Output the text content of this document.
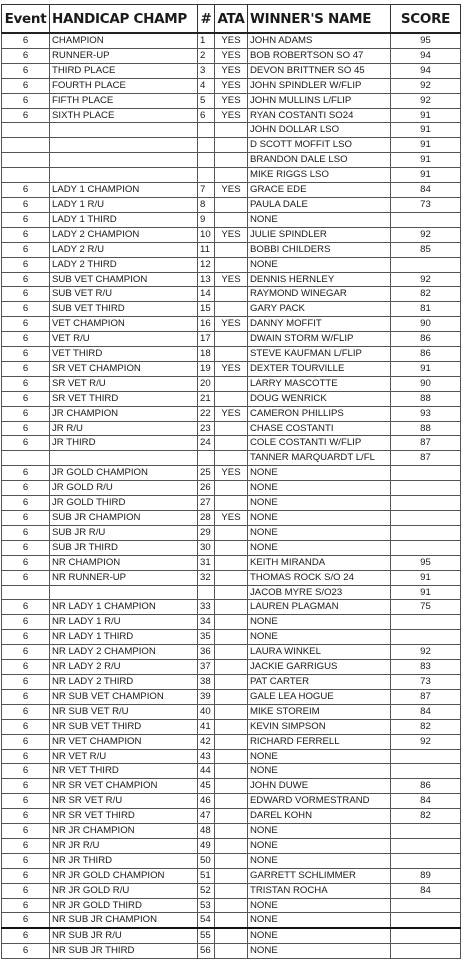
Event	HANDICAP CHAMP	#	ATA	WINNER'S NAME	SCORE
6	CHAMPION	1	YES	JOHN ADAMS	95
6	RUNNER-UP	2	YES	BOB ROBERTSON SO 47	94
6	THIRD PLACE	3	YES	DEVON BRITTNER SO 45	94
6	FOURTH PLACE	4	YES	JOHN SPINDLER W/FLIP	92
6	FIFTH PLACE	5	YES	JOHN MULLINS L/FLIP	92
6	SIXTH PLACE	6	YES	RYAN COSTANTI SO24	91
				JOHN DOLLAR LSO	91
				D SCOTT MOFFIT LSO	91
				BRANDON DALE LSO	91
				MIKE RIGGS LSO	91
6	LADY 1 CHAMPION	7	YES	GRACE EDE	84
6	LADY 1 R/U	8		PAULA DALE	73
6	LADY 1 THIRD	9		NONE	
6	LADY 2 CHAMPION	10	YES	JULIE SPINDLER	92
6	LADY 2 R/U	11		BOBBI CHILDERS	85
6	LADY 2 THIRD	12		NONE	
6	SUB VET CHAMPION	13	YES	DENNIS HERNLEY	92
6	SUB VET R/U	14		RAYMOND WINEGAR	82
6	SUB VET THIRD	15		GARY PACK	81
6	VET CHAMPION	16	YES	DANNY MOFFIT	90
6	VET R/U	17		DWAIN STORM W/FLIP	86
6	VET THIRD	18		STEVE KAUFMAN L/FLIP	86
6	SR VET CHAMPION	19	YES	DEXTER TOURVILLE	91
6	SR VET R/U	20		LARRY MASCOTTE	90
6	SR VET THIRD	21		DOUG WENRICK	88
6	JR CHAMPION	22	YES	CAMERON PHILLIPS	93
6	JR R/U	23		CHASE COSTANTI	88
6	JR THIRD	24		COLE COSTANTI W/FLIP	87
				TANNER MARQUARDT L/FL	87
6	JR GOLD CHAMPION	25	YES	NONE	
6	JR GOLD R/U	26		NONE	
6	JR GOLD THIRD	27		NONE	
6	SUB JR CHAMPION	28	YES	NONE	
6	SUB JR R/U	29		NONE	
6	SUB JR THIRD	30		NONE	
6	NR CHAMPION	31		KEITH MIRANDA	95
6	NR RUNNER-UP	32		THOMAS ROCK S/O 24	91
				JACOB MYRE S/O23	91
6	NR LADY 1 CHAMPION	33		LAUREN PLAGMAN	75
6	NR LADY 1 R/U	34		NONE	
6	NR LADY 1 THIRD	35		NONE	
6	NR LADY 2 CHAMPION	36		LAURA WINKEL	92
6	NR LADY 2 R/U	37		JACKIE GARRIGUS	83
6	NR LADY 2 THIRD	38		PAT CARTER	73
6	NR SUB VET CHAMPION	39		GALE LEA HOGUE	87
6	NR SUB VET R/U	40		MIKE STOREIM	84
6	NR SUB VET THIRD	41		KEVIN SIMPSON	82
6	NR VET CHAMPION	42		RICHARD FERRELL	92
6	NR VET R/U	43		NONE	
6	NR VET THIRD	44		NONE	
6	NR SR VET CHAMPION	45		JOHN DUWE	86
6	NR SR VET R/U	46		EDWARD VORMESTRAND	84
6	NR SR VET THIRD	47		DAREL KOHN	82
6	NR JR CHAMPION	48		NONE	
6	NR JR R/U	49		NONE	
6	NR JR THIRD	50		NONE	
6	NR JR GOLD CHAMPION	51		GARRETT SCHLIMMER	89
6	NR JR GOLD R/U	52		TRISTAN ROCHA	84
6	NR JR GOLD THIRD	53		NONE	
6	NR SUB JR CHAMPION	54		NONE	
6	NR SUB JR R/U	55		NONE	
6	NR SUB JR THIRD	56		NONE	
